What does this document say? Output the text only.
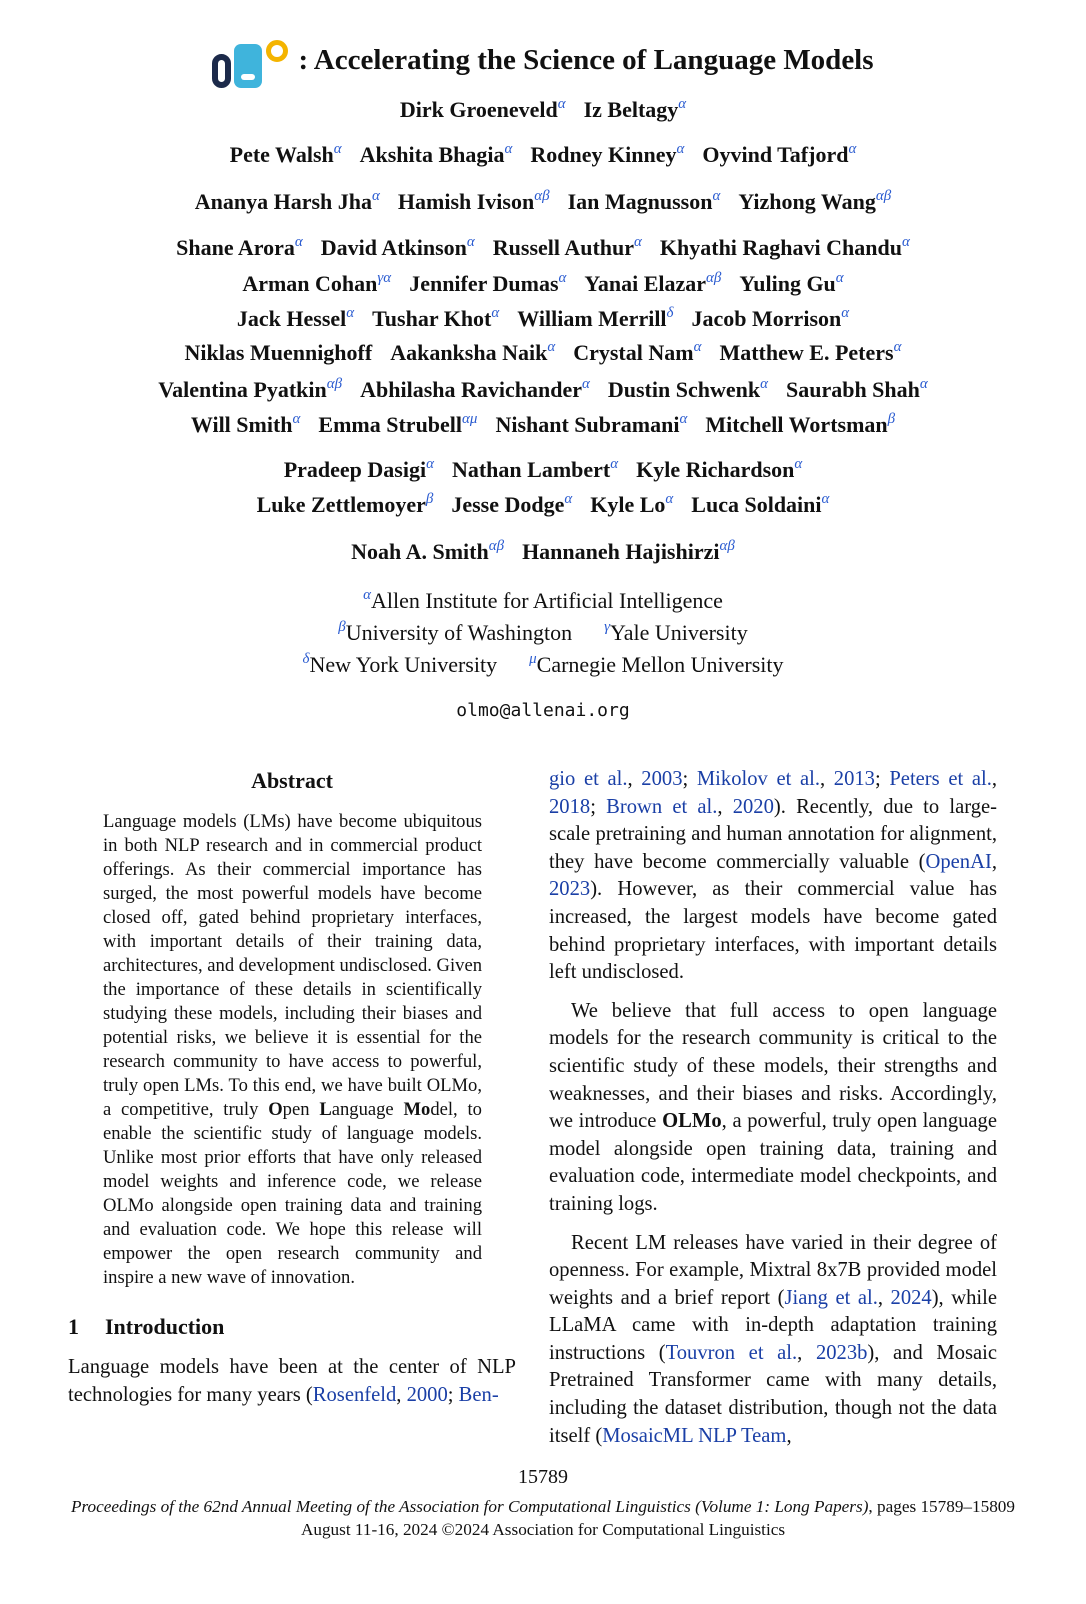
: Accelerating the Science of Language Models
Dirk Groeneveld$^\alpha$ Iz Beltagy$^\alpha$
Pete Walsh$^\alpha$ Akshita Bhagia$^\alpha$ Rodney Kinney$^\alpha$ Oyvind Tafjord$^\alpha$
Ananya Harsh Jha$^\alpha$ Hamish Ivison$^{\alpha\beta}$ Ian Magnusson$^\alpha$ Yizhong Wang$^{\alpha\beta}$
Shane Arora$^\alpha$ David Atkinson$^\alpha$ Russell Authur$^\alpha$ Khyathi Raghavi Chandu$^\alpha$
Arman Cohan$^{\gamma\alpha}$ Jennifer Dumas$^\alpha$ Yanai Elazar$^{\alpha\beta}$ Yuling $Gu^\alpha$
Jack Hessel$^\alpha$ Tushar Khot$^\alpha$ William Merrill$^\delta$ Jacob Morrison$^\alpha$
Niklas Muennighoff Aakanksha Naik$^\alpha$ Crystal Nam$^\alpha$ Matthew E. Peters$^\alpha$
Valentina Pyatkin$^{\alpha\beta}$ Abhilasha Ravichander$^\alpha$ Dustin Schwenk$^\alpha$ Saurabh Shah$^\alpha$
Will Smith$^\alpha$ Emma Strubell$^{\alpha\mu}$ Nishant Subramani$^\alpha$ Mitchell Wortsman$^\beta$
Pradeep Dasigi$^\alpha$ Nathan Lambert$^\alpha$ Kyle Richardson$^\alpha$
Luke Zettlemoyer$^\beta$ Jesse Dodge$^\alpha$ Kyle $Lo^\alpha$ Luca Soldaini$^\alpha$
Noah A. Smith$^{\alpha\beta}$ Hannaneh Hajishirzi$^{\alpha\beta}$
$^\alpha$Allen Institute for Artificial Intelligence
$^\beta$University of Washington $^\gamma$Yale University
$^\delta$New York University $^\mu$Carnegie Mellon University
olmo@allenai.org
Abstract
Language models (LMs) have become ubiquitous in both NLP research and in commercial product offerings. As their commercial importance has surged, the most powerful models have become closed off, gated behind proprietary interfaces, with important details of their training data, architectures, and development undisclosed. Given the importance of these details in scientifically studying these models, including their biases and potential risks, we believe it is essential for the research community to have access to powerful, truly open LMs. To this end, we have built OLMo, a competitive, truly Open Language Model, to enable the scientific study of language models. Unlike most prior efforts that have only released model weights and inference code, we release OLMo alongside open training data and training and evaluation code. We hope this release will empower the open research community and inspire a new wave of innovation.
1 Introduction

Language models have been at the center of NLP technologies for many years (Rosenfeld, 2000; Ben-

gio et al., 2003; Mikolov et al., 2013; Peters et al., 2018; Brown et al., 2020). Recently, due to large-scale pretraining and human annotation for alignment, they have become commercially valuable (OpenAI, 2023). However, as their commercial value has increased, the largest models have become gated behind proprietary interfaces, with important details left undisclosed.

We believe that full access to open language models for the research community is critical to the scientific study of these models, their strengths and weaknesses, and their biases and risks. Accordingly, we introduce OLMo, a powerful, truly open language model alongside open training data, training and evaluation code, intermediate model checkpoints, and training logs.

Recent LM releases have varied in their degree of openness. For example, Mixtral 8x7B provided model weights and a brief report (Jiang et al., 2024), while LLaMA came with in-depth adaptation training instructions (Touvron et al., 2023b), and Mosaic Pretrained Transformer came with many details, including the dataset distribution, though not the data itself (MosaicML NLP Team,

15789
Proceedings of the 62nd Annual Meeting of the Association for Computational Linguistics (Volume 1: Long Papers), pages 15789–15809
August 11-16, 2024 ©2024 Association for Computational Linguistics
